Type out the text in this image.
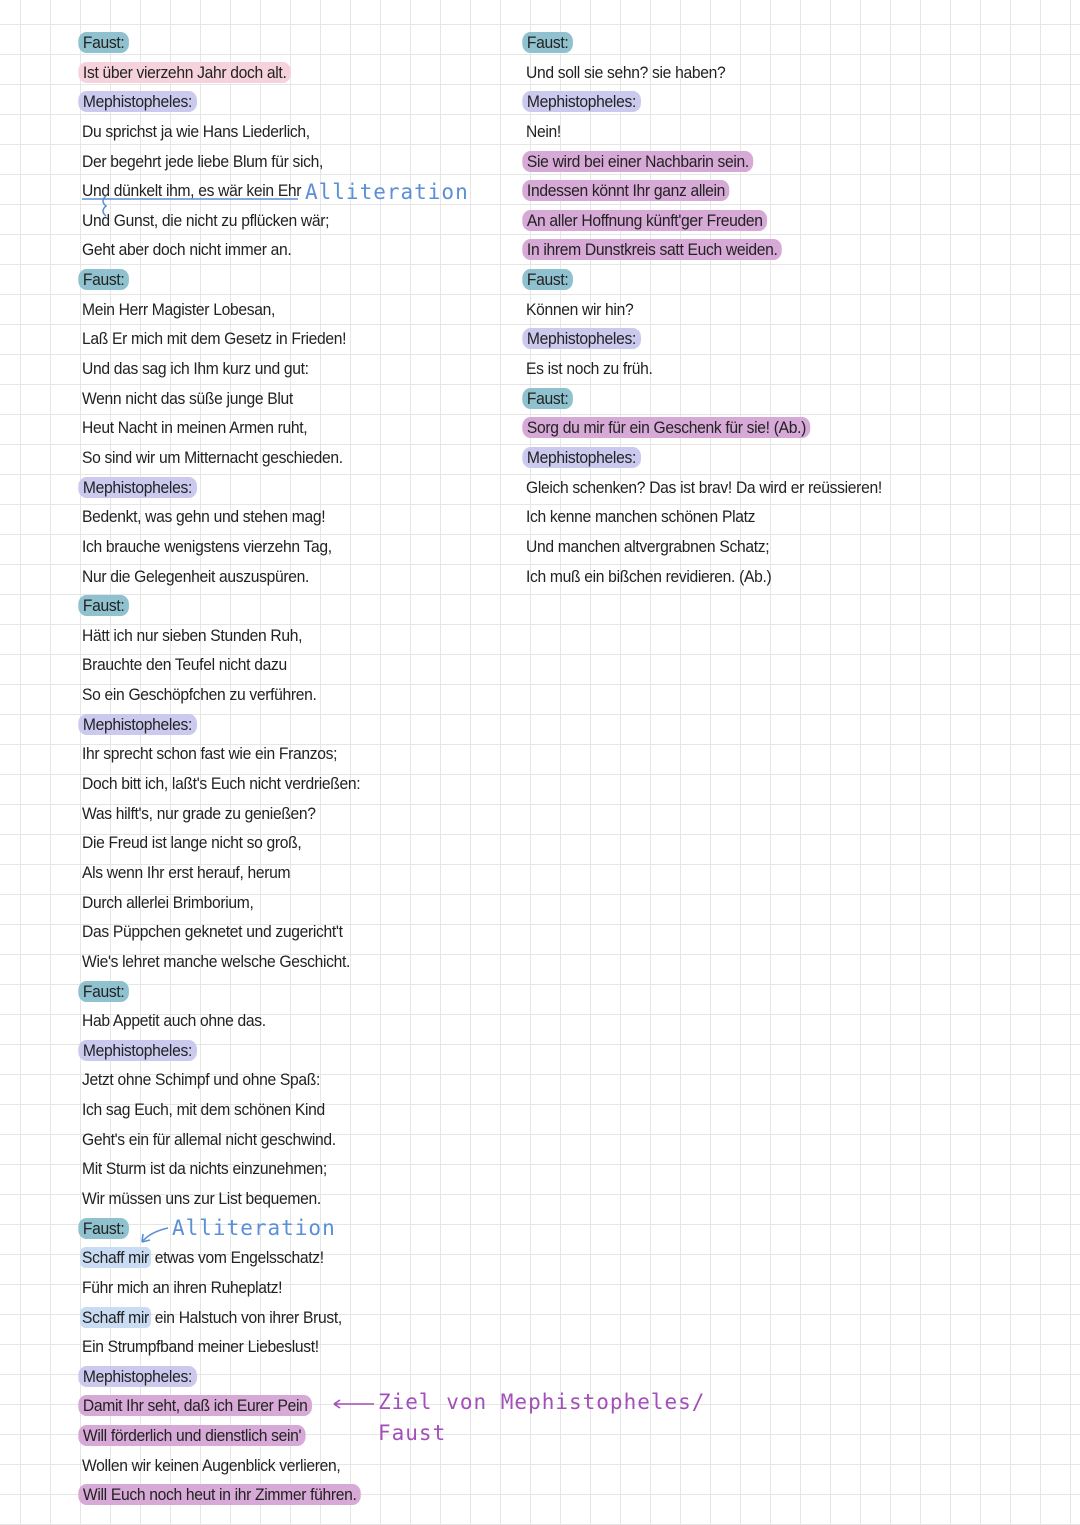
Faust:
Ist über vierzehn Jahr doch alt.
Mephistopheles:
Du sprichst ja wie Hans Liederlich,
Der begehrt jede liebe Blum für sich,
Und dünkelt ihm, es wär kein Ehr
Und Gunst, die nicht zu pflücken wär;
Geht aber doch nicht immer an.
Faust:
Mein Herr Magister Lobesan,
Laß Er mich mit dem Gesetz in Frieden!
Und das sag ich Ihm kurz und gut:
Wenn nicht das süße junge Blut
Heut Nacht in meinen Armen ruht,
So sind wir um Mitternacht geschieden.
Mephistopheles:
Bedenkt, was gehn und stehen mag!
Ich brauche wenigstens vierzehn Tag,
Nur die Gelegenheit auszuspüren.
Faust:
Hätt ich nur sieben Stunden Ruh,
Brauchte den Teufel nicht dazu
So ein Geschöpfchen zu verführen.
Mephistopheles:
Ihr sprecht schon fast wie ein Franzos;
Doch bitt ich, laßt's Euch nicht verdrießen:
Was hilft's, nur grade zu genießen?
Die Freud ist lange nicht so groß,
Als wenn Ihr erst herauf, herum
Durch allerlei Brimborium,
Das Püppchen geknetet und zugericht't
Wie's lehret manche welsche Geschicht.
Faust:
Hab Appetit auch ohne das.
Mephistopheles:
Jetzt ohne Schimpf und ohne Spaß:
Ich sag Euch, mit dem schönen Kind
Geht's ein für allemal nicht geschwind.
Mit Sturm ist da nichts einzunehmen;
Wir müssen uns zur List bequemen.
Faust:
Schaff mir etwas vom Engelsschatz!
Führ mich an ihren Ruheplatz!
Schaff mir ein Halstuch von ihrer Brust,
Ein Strumpfband meiner Liebeslust!
Mephistopheles:
Damit Ihr seht, daß ich Eurer Pein
Will förderlich und dienstlich sein'
Wollen wir keinen Augenblick verlieren,
Will Euch noch heut in ihr Zimmer führen.
Faust:
Und soll sie sehn? sie haben?
Mephistopheles:
Nein!
Sie wird bei einer Nachbarin sein.
Indessen könnt Ihr ganz allein
An aller Hoffnung künft'ger Freuden
In ihrem Dunstkreis satt Euch weiden.
Faust:
Können wir hin?
Mephistopheles:
Es ist noch zu früh.
Faust:
Sorg du mir für ein Geschenk für sie! (Ab.)
Mephistopheles:
Gleich schenken? Das ist brav! Da wird er reüssieren!
Ich kenne manchen schönen Platz
Und manchen altvergrabnen Schatz;
Ich muß ein bißchen revidieren. (Ab.)
Alliteration
Alliteration
Ziel von Mephistopheles/
Faust
